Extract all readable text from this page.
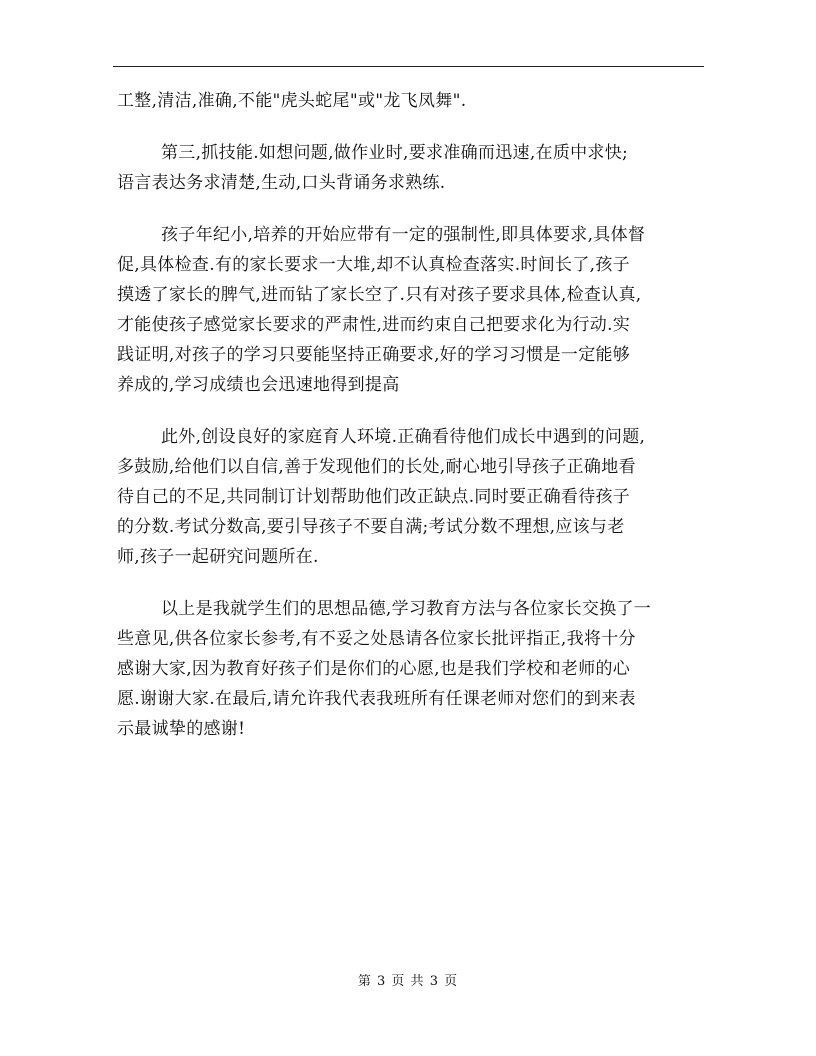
工整,清洁,准确,不能"虎头蛇尾"或"龙飞凤舞".
第三,抓技能.如想问题,做作业时,要求准确而迅速,在质中求快;
语言表达务求清楚,生动,口头背诵务求熟练.
孩子年纪小,培养的开始应带有一定的强制性,即具体要求,具体督
促,具体检查.有的家长要求一大堆,却不认真检查落实.时间长了,孩子
摸透了家长的脾气,进而钻了家长空了.只有对孩子要求具体,检查认真,
才能使孩子感觉家长要求的严肃性,进而约束自己把要求化为行动.实
践证明,对孩子的学习只要能坚持正确要求,好的学习习惯是一定能够
养成的,学习成绩也会迅速地得到提高
此外,创设良好的家庭育人环境.正确看待他们成长中遇到的问题,
多鼓励,给他们以自信,善于发现他们的长处,耐心地引导孩子正确地看
待自己的不足,共同制订计划帮助他们改正缺点.同时要正确看待孩子
的分数.考试分数高,要引导孩子不要自满;考试分数不理想,应该与老
师,孩子一起研究问题所在.
以上是我就学生们的思想品德,学习教育方法与各位家长交换了一
些意见,供各位家长参考,有不妥之处恳请各位家长批评指正,我将十分
感谢大家,因为教育好孩子们是你们的心愿,也是我们学校和老师的心
愿.谢谢大家.在最后,请允许我代表我班所有任课老师对您们的到来表
示最诚挚的感谢!
第 3 页 共 3 页
